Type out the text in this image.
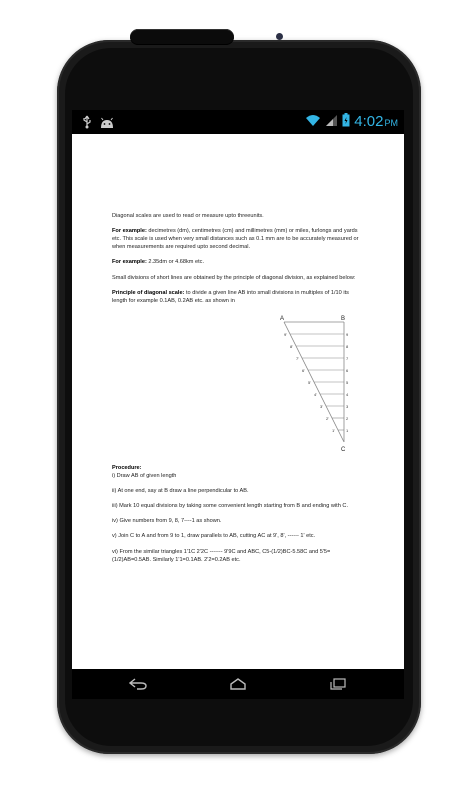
4:02PM

Diagonal scales are used to read or measure upto threeunits.

For example: decimetres (dm), centimetres (cm) and millimetres (mm) or miles, furlongs and yards etc. This scale is used when very small distances such as 0.1 mm are to be accurately measured or when measurements are required upto second decimal.

For example: 2.35dm or 4.68km etc.

Small divisions of short lines are obtained by the principle of diagonal division, as explained below:

Principle of diagonal scale: to divide a given line AB into small divisions in multiples of 1/10 its length for example 0.1AB, 0.2AB etc. as shown in

A	B
C
9
8
7
6
5
4
3
2
1
9'
8'
7'
6'
5'
4'
3'
2'
1'

Procedure:
i) Draw AB of given length

ii) At one end, say at B draw a line perpendicular to AB.

iii) Mark 10 equal divisions by taking some convenient length starting from B and ending with C.

iv) Give numbers from 9, 8, 7----1 as shown.

v) Join C to A and from 9 to 1, draw parallels to AB, cutting AC at 9', 8', ------ 1' etc.

vi) From the similar triangles 1'1C 2'2C ------- 9'9C and ABC, C5-(1/2)BC-5.58C and 5'5=(1/2)AB=0.5AB. Similarly 1'1=0.1AB. 2'2=0.2AB etc.
